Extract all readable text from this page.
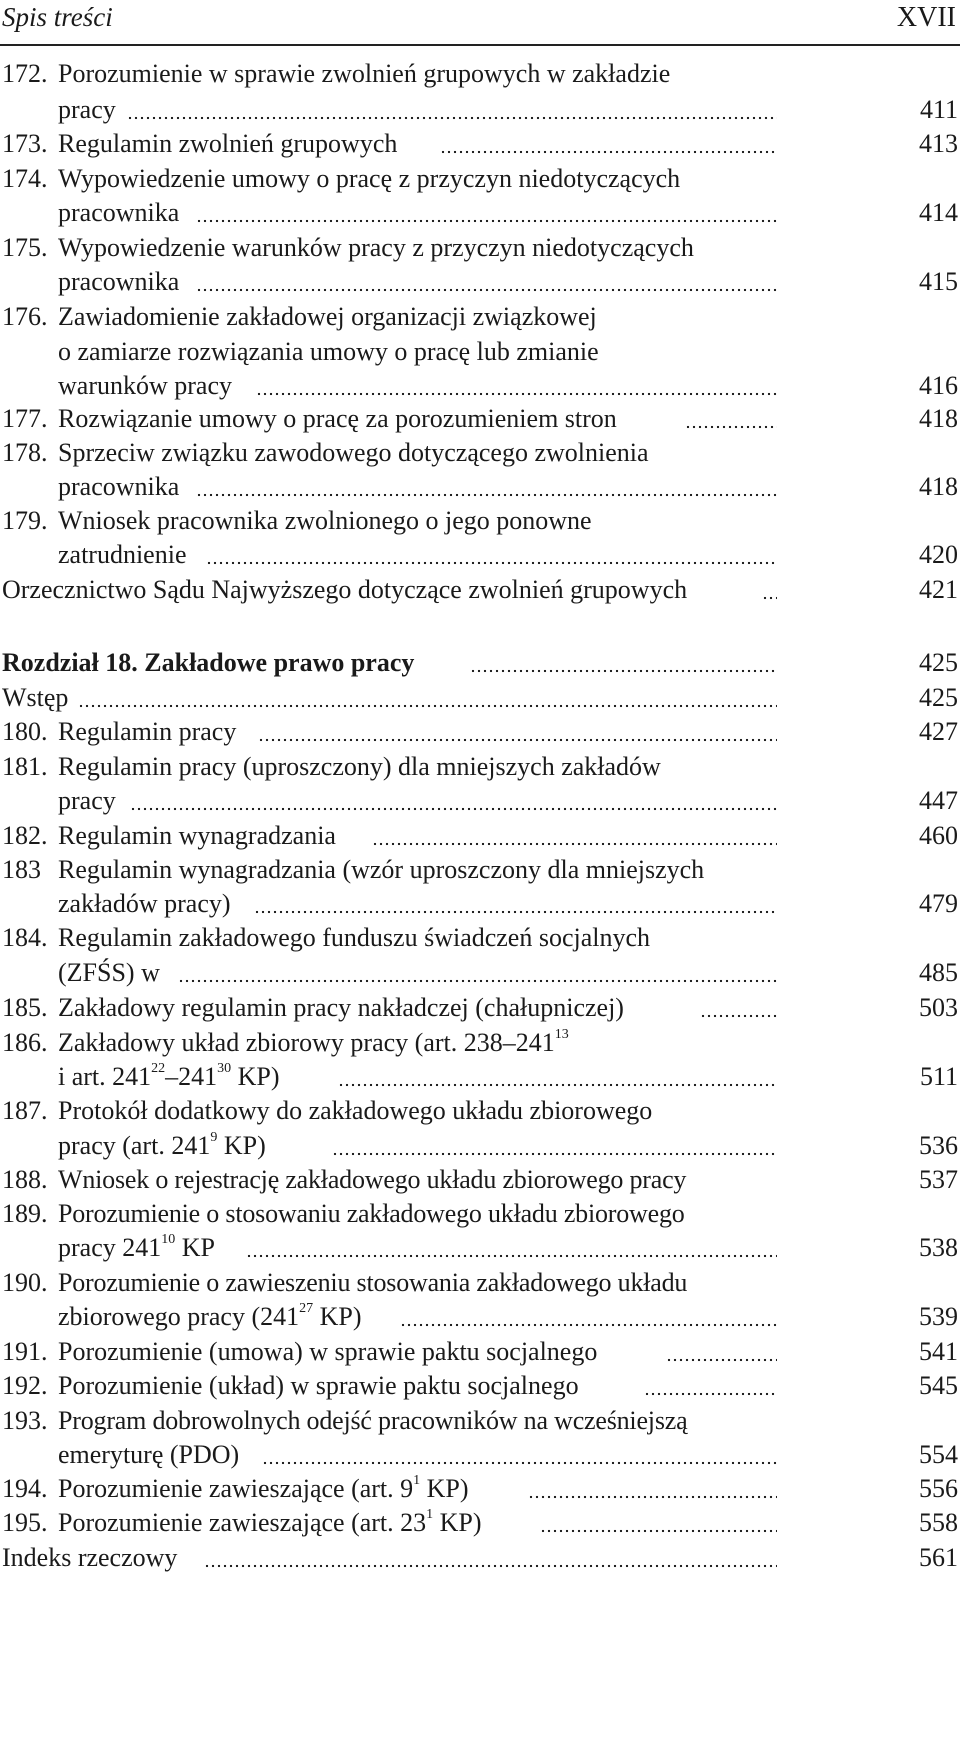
Spis treści	XVII
172. Porozumienie w sprawie zwolnień grupowych w zakładzie
pracy	411
173. Regulamin zwolnień grupowych	413
174. Wypowiedzenie umowy o pracę z przyczyn niedotyczących
pracownika	414
175. Wypowiedzenie warunków pracy z przyczyn niedotyczących
pracownika	415
176. Zawiadomienie zakładowej organizacji związkowej
o zamiarze rozwiązania umowy o pracę lub zmianie
warunków pracy	416
177. Rozwiązanie umowy o pracę za porozumieniem stron	418
178. Sprzeciw związku zawodowego dotyczącego zwolnienia
pracownika	418
179. Wniosek pracownika zwolnionego o jego ponowne
zatrudnienie	420
Orzecznictwo Sądu Najwyższego dotyczące zwolnień grupowych	421
Rozdział 18. Zakładowe prawo pracy	425
Wstęp	425
180. Regulamin pracy	427
181. Regulamin pracy (uproszczony) dla mniejszych zakładów
pracy	447
182. Regulamin wynagradzania	460
183 Regulamin wynagradzania (wzór uproszczony dla mniejszych
zakładów pracy)	479
184. Regulamin zakładowego funduszu świadczeń socjalnych
(ZFŚS) w	485
185. Zakładowy regulamin pracy nakładczej (chałupniczej)	503
186. Zakładowy układ zbiorowy pracy (art. $238-241^{13}$
i art. $241^{22}-241^{30}$ KP)	511
187. Protokół dodatkowy do zakładowego układu zbiorowego
pracy (art. $241^9$ KP)	536
188. Wniosek o rejestrację zakładowego układu zbiorowego pracy	537
189. Porozumienie o stosowaniu zakładowego układu zbiorowego
pracy $241^{10}$ KP	538
190. Porozumienie o zawieszeniu stosowania zakładowego układu
zbiorowego pracy ($241^{27}$ KP)	539
191. Porozumienie (umowa) w sprawie paktu socjalnego	541
192. Porozumienie (układ) w sprawie paktu socjalnego	545
193. Program dobrowolnych odejść pracowników na wcześniejszą
emeryturę (PDO)	554
194. Porozumienie zawieszające (art. $9^1$ KP)	556
195. Porozumienie zawieszające (art. $23^1$ KP)	558
Indeks rzeczowy	561
